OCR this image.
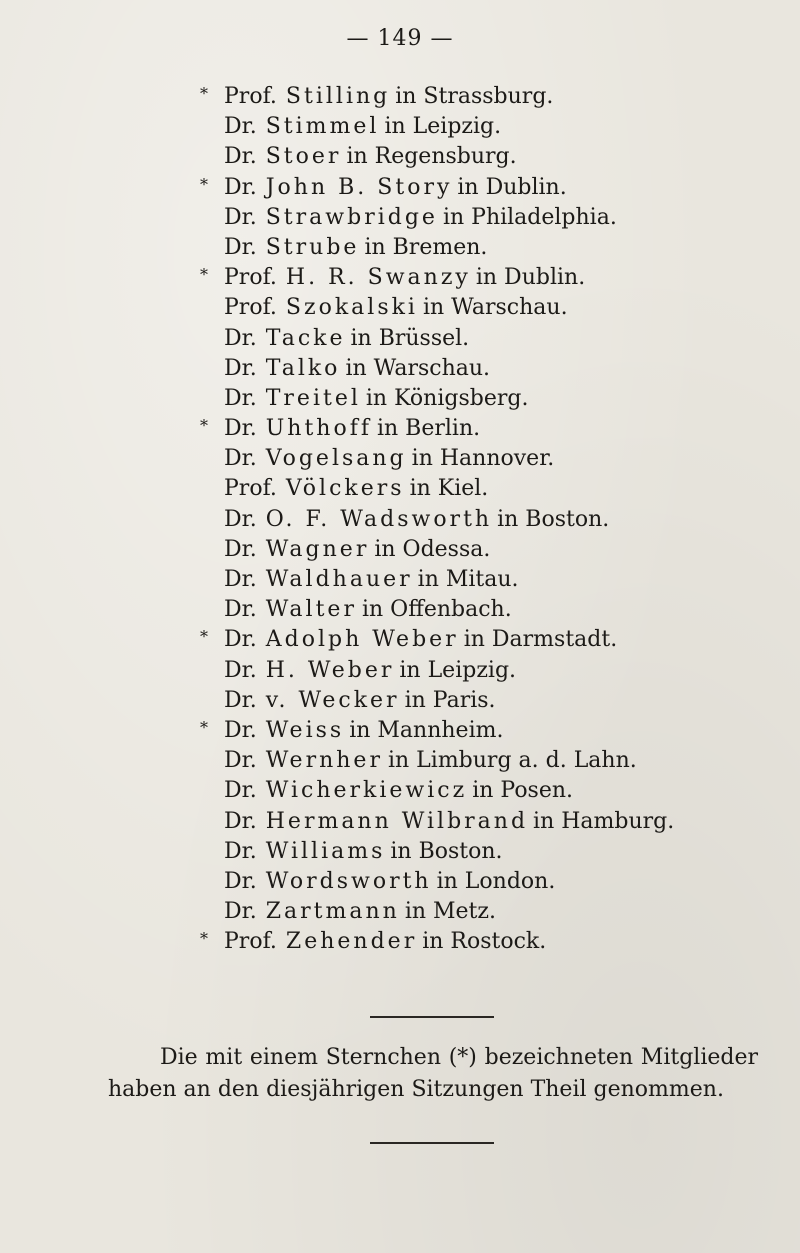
— 149 —
* Prof. Stilling in Strassburg.
Dr. Stimmel in Leipzig.
Dr. Stoer in Regensburg.
* Dr. John B. Story in Dublin.
Dr. Strawbridge in Philadelphia.
Dr. Strube in Bremen.
* Prof. H. R. Swanzy in Dublin.
Prof. Szokalski in Warschau.
Dr. Tacke in Brüssel.
Dr. Talko in Warschau.
Dr. Treitel in Königsberg.
* Dr. Uhthoff in Berlin.
Dr. Vogelsang in Hannover.
Prof. Völckers in Kiel.
Dr. O. F. Wadsworth in Boston.
Dr. Wagner in Odessa.
Dr. Waldhauer in Mitau.
Dr. Walter in Offenbach.
* Dr. Adolph Weber in Darmstadt.
Dr. H. Weber in Leipzig.
Dr. v. Wecker in Paris.
* Dr. Weiss in Mannheim.
Dr. Wernher in Limburg a. d. Lahn.
Dr. Wicherkiewicz in Posen.
Dr. Hermann Wilbrand in Hamburg.
Dr. Williams in Boston.
Dr. Wordsworth in London.
Dr. Zartmann in Metz.
* Prof. Zehender in Rostock.
Die mit einem Sternchen (*) bezeichneten Mitglieder
haben an den diesjährigen Sitzungen Theil genommen.
